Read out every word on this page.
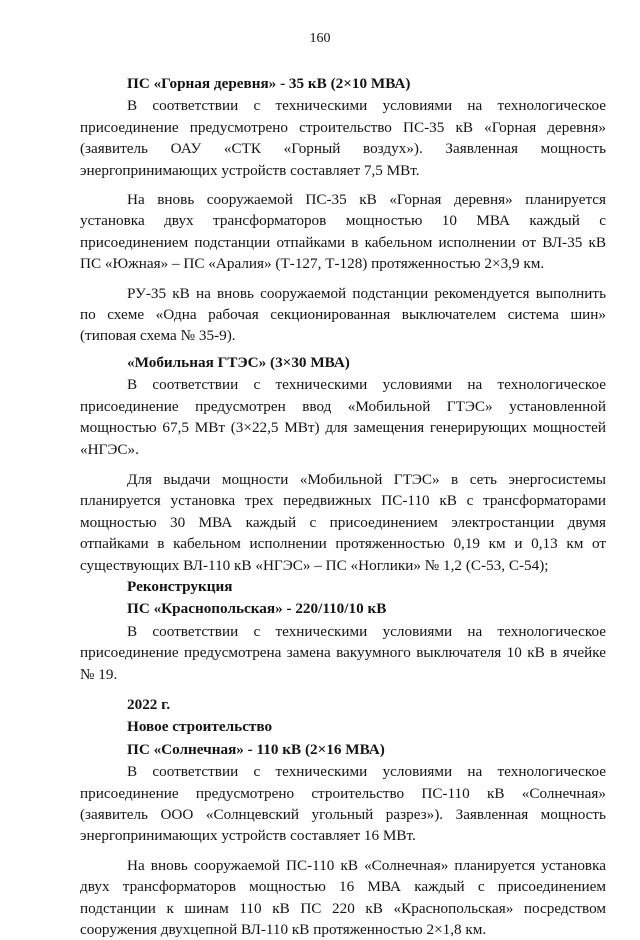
160

ПС «Горная деревня» - 35 кВ (2×10 МВА)

В соответствии с техническими условиями на технологическое присоединение предусмотрено строительство ПС-35 кВ «Горная деревня» (заявитель ОАУ «СТК «Горный воздух»). Заявленная мощность энергопринимающих устройств составляет 7,5 МВт.

На вновь сооружаемой ПС-35 кВ «Горная деревня» планируется установка двух трансформаторов мощностью 10 МВА каждый с присоединением подстанции отпайками в кабельном исполнении от ВЛ-35 кВ ПС «Южная» – ПС «Аралия» (Т-127, Т-128) протяженностью 2×3,9 км.

РУ-35 кВ на вновь сооружаемой подстанции рекомендуется выполнить по схеме «Одна рабочая секционированная выключателем система шин» (типовая схема № 35-9).

«Мобильная ГТЭС» (3×30 МВА)

В соответствии с техническими условиями на технологическое присоединение предусмотрен ввод «Мобильной ГТЭС» установленной мощностью 67,5 МВт (3×22,5 МВт) для замещения генерирующих мощностей «НГЭС».

Для выдачи мощности «Мобильной ГТЭС» в сеть энергосистемы планируется установка трех передвижных ПС-110 кВ с трансформаторами мощностью 30 МВА каждый с присоединением электростанции двумя отпайками в кабельном исполнении протяженностью 0,19 км и 0,13 км от существующих ВЛ-110 кВ «НГЭС» – ПС «Ноглики» № 1,2 (С-53, С-54);

Реконструкция

ПС «Краснопольская» - 220/110/10 кВ

В соответствии с техническими условиями на технологическое присоединение предусмотрена замена вакуумного выключателя 10 кВ в ячейке № 19.

2022 г.

Новое строительство

ПС «Солнечная» - 110 кВ (2×16 МВА)

В соответствии с техническими условиями на технологическое присоединение предусмотрено строительство ПС-110 кВ «Солнечная» (заявитель ООО «Солнцевский угольный разрез»). Заявленная мощность энергопринимающих устройств составляет 16 МВт.

На вновь сооружаемой ПС-110 кВ «Солнечная» планируется установка двух трансформаторов мощностью 16 МВА каждый с присоединением подстанции к шинам 110 кВ ПС 220 кВ «Краснопольская» посредством сооружения двухцепной ВЛ-110 кВ протяженностью 2×1,8 км.
